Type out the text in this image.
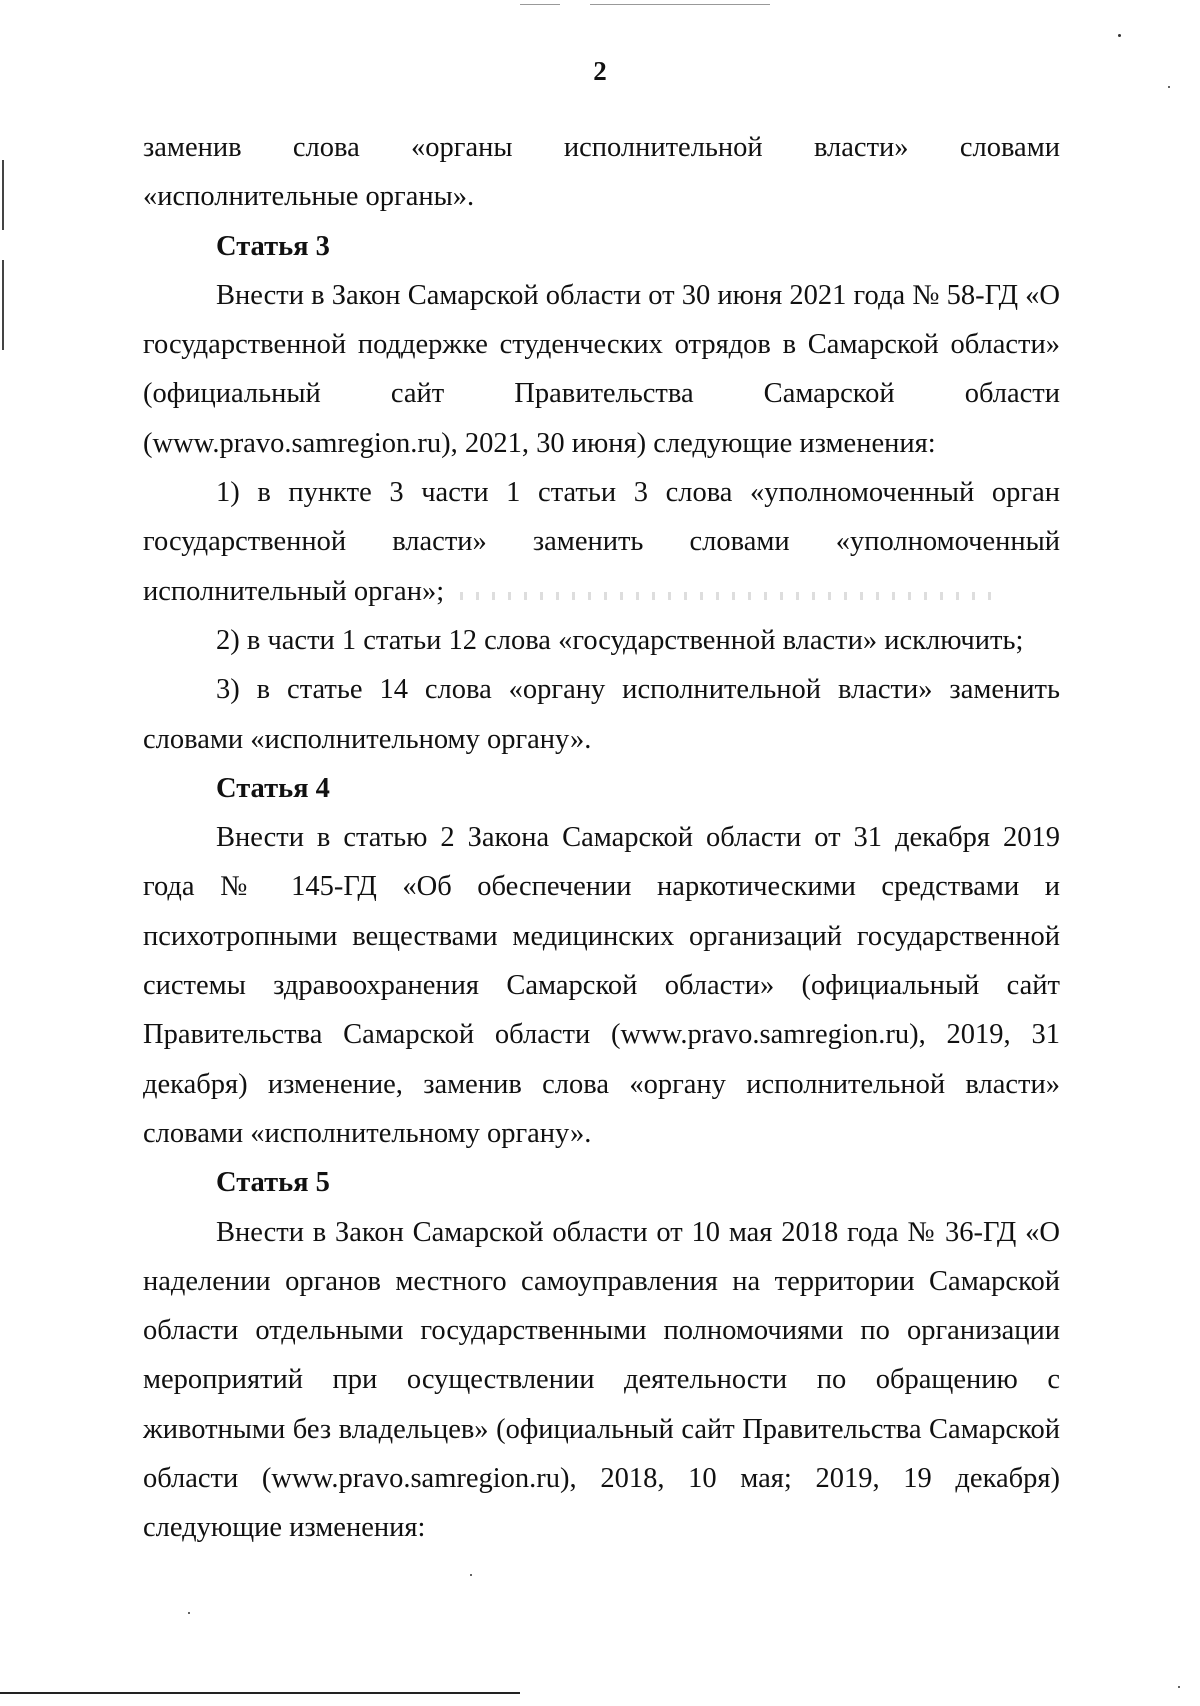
2

заменив слова «органы исполнительной власти» словами «исполнительные органы».

Статья 3

Внести в Закон Самарской области от 30 июня 2021 года № 58-ГД «О государственной поддержке студенческих отрядов в Самарской области» (официальный сайт Правительства Самарской области (www.pravo.samregion.ru), 2021, 30 июня) следующие изменения:

1) в пункте 3 части 1 статьи 3 слова «уполномоченный орган государственной власти» заменить словами «уполномоченный исполнительный орган»;

2) в части 1 статьи 12 слова «государственной власти» исключить;

3) в статье 14 слова «органу исполнительной власти» заменить словами «исполнительному органу».

Статья 4

Внести в статью 2 Закона Самарской области от 31 декабря 2019 года № 145-ГД «Об обеспечении наркотическими средствами и психотропными веществами медицинских организаций государственной системы здравоохранения Самарской области» (официальный сайт Правительства Самарской области (www.pravo.samregion.ru), 2019, 31 декабря) изменение, заменив слова «органу исполнительной власти» словами «исполнительному органу».

Статья 5

Внести в Закон Самарской области от 10 мая 2018 года № 36-ГД «О наделении органов местного самоуправления на территории Самарской области отдельными государственными полномочиями по организации мероприятий при осуществлении деятельности по обращению с животными без владельцев» (официальный сайт Правительства Самарской области (www.pravo.samregion.ru), 2018, 10 мая; 2019, 19 декабря) следующие изменения:
